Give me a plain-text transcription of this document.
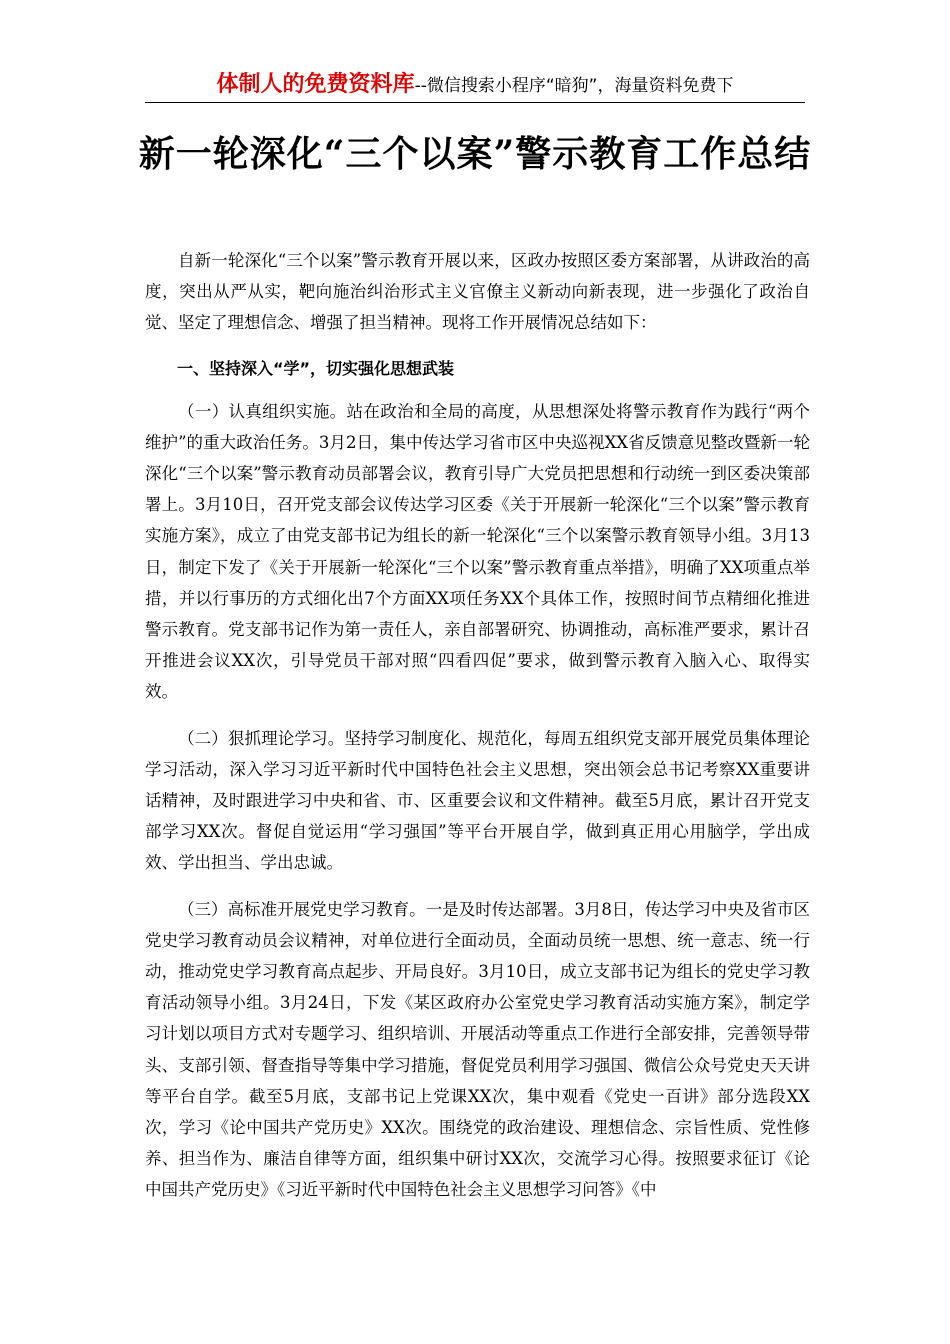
体制人的免费资料库--微信搜索小程序“暗狗”，海量资料免费下
新一轮深化“三个以案”警示教育工作总结

自新一轮深化“三个以案”警示教育开展以来，区政办按照区委方案部署，从讲政治的高度，突出从严从实，靶向施治纠治形式主义官僚主义新动向新表现，进一步强化了政治自觉、坚定了理想信念、增强了担当精神。现将工作开展情况总结如下：

一、坚持深入“学”，切实强化思想武装

（一）认真组织实施。站在政治和全局的高度，从思想深处将警示教育作为践行“两个维护”的重大政治任务。3月2日，集中传达学习省市区中央巡视XX省反馈意见整改暨新一轮深化“三个以案”警示教育动员部署会议，教育引导广大党员把思想和行动统一到区委决策部署上。3月10日，召开党支部会议传达学习区委《关于开展新一轮深化“三个以案”警示教育实施方案》，成立了由党支部书记为组长的新一轮深化“三个以案警示教育领导小组。3月13日，制定下发了《关于开展新一轮深化“三个以案”警示教育重点举措》，明确了XX项重点举措，并以行事历的方式细化出7个方面XX项任务XX个具体工作，按照时间节点精细化推进警示教育。党支部书记作为第一责任人，亲自部署研究、协调推动，高标准严要求，累计召开推进会议XX次，引导党员干部对照“四看四促”要求，做到警示教育入脑入心、取得实效。

（二）狠抓理论学习。坚持学习制度化、规范化，每周五组织党支部开展党员集体理论学习活动，深入学习习近平新时代中国特色社会主义思想，突出领会总书记考察XX重要讲话精神，及时跟进学习中央和省、市、区重要会议和文件精神。截至5月底，累计召开党支部学习XX次。督促自觉运用“学习强国”等平台开展自学，做到真正用心用脑学，学出成效、学出担当、学出忠诚。

（三）高标准开展党史学习教育。一是及时传达部署。3月8日，传达学习中央及省市区党史学习教育动员会议精神，对单位进行全面动员，全面动员统一思想、统一意志、统一行动，推动党史学习教育高点起步、开局良好。3月10日，成立支部书记为组长的党史学习教育活动领导小组。3月24日，下发《某区政府办公室党史学习教育活动实施方案》，制定学习计划以项目方式对专题学习、组织培训、开展活动等重点工作进行全部安排，完善领导带头、支部引领、督查指导等集中学习措施，督促党员利用学习强国、微信公众号党史天天讲等平台自学。截至5月底，支部书记上党课XX次，集中观看《党史一百讲》部分选段XX次，学习《论中国共产党历史》XX次。围绕党的政治建设、理想信念、宗旨性质、党性修养、担当作为、廉洁自律等方面，组织集中研讨XX次，交流学习心得。按照要求征订《论中国共产党历史》《习近平新时代中国特色社会主义思想学习问答》《中
